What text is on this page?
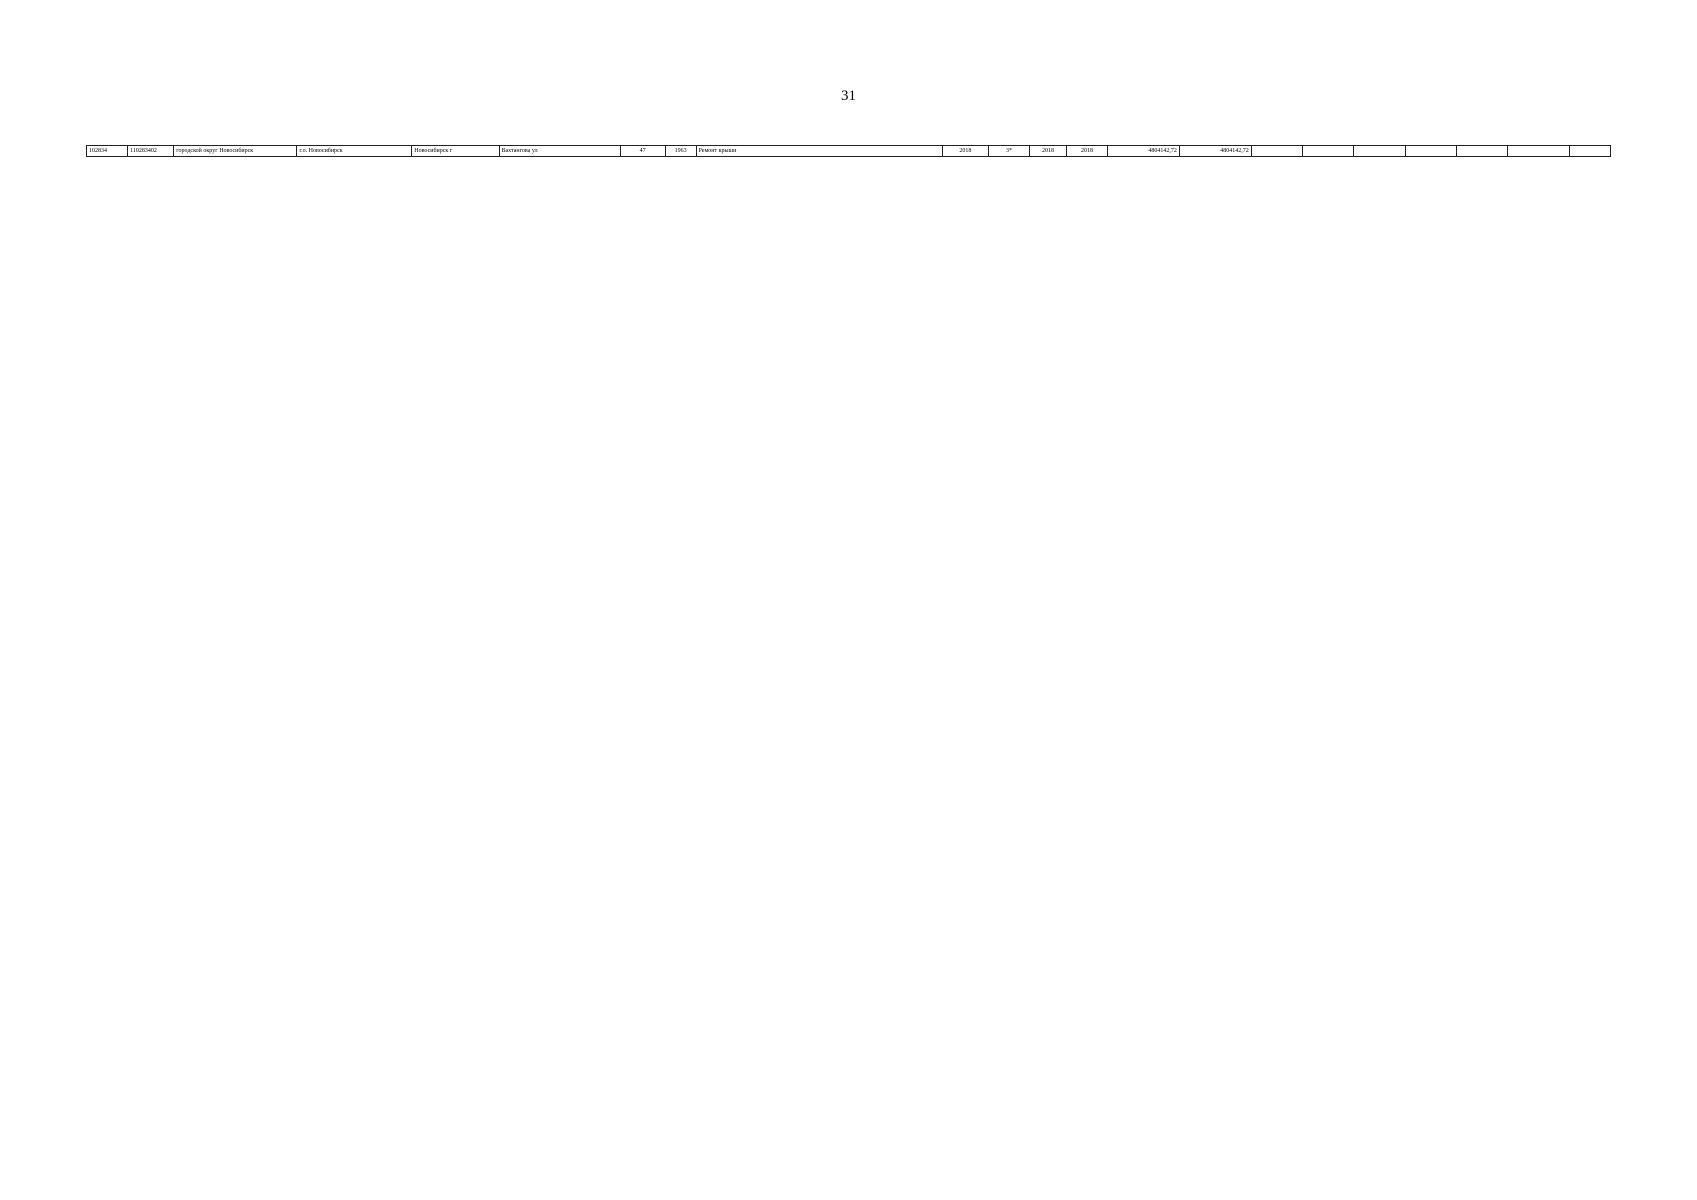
31
102834	110283402	городской округ Новосибирск	г.о. Новосибирск	Новосибирск г	Вахтангова ул	47	1963	Ремонт крыши	2018	3*	2018	2018	4804142,72	4804142,72							
